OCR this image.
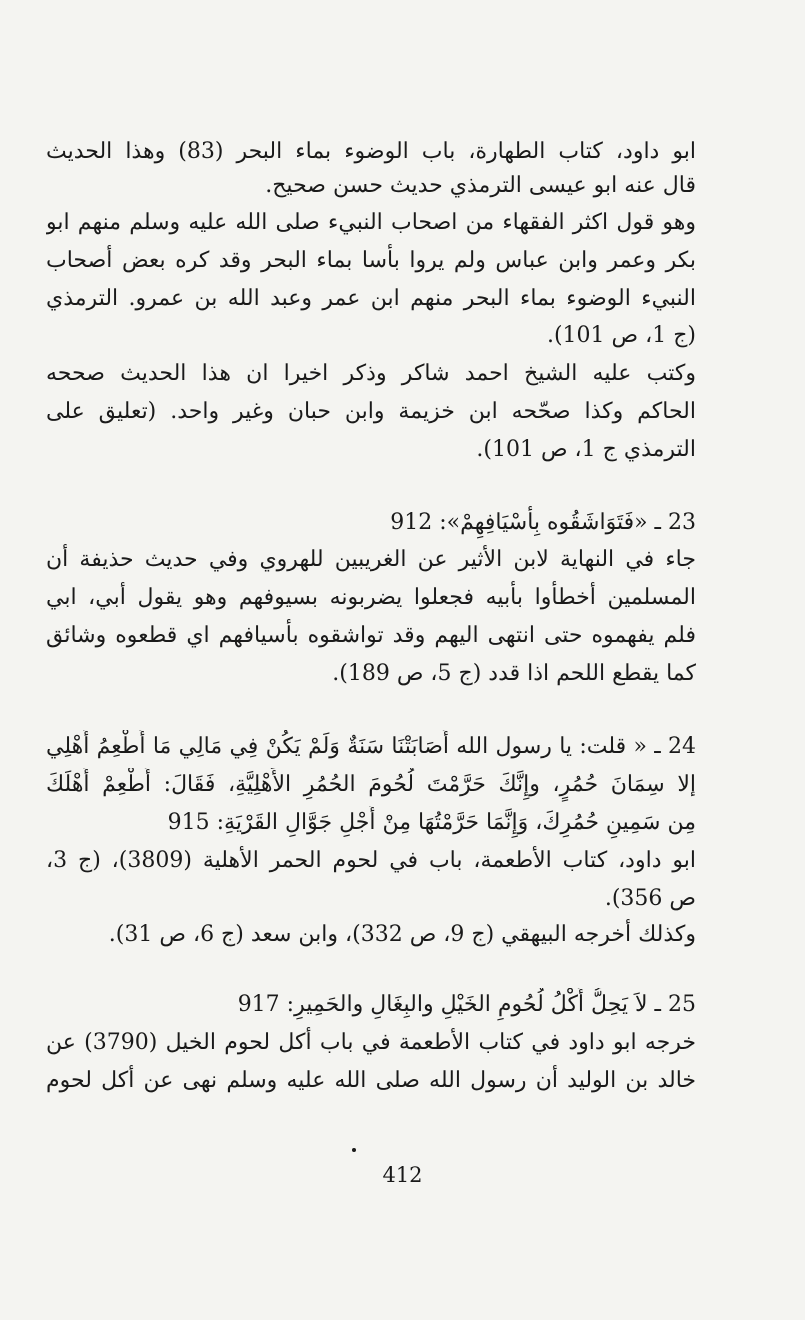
ابو داود، كتاب الطهارة، باب الوضوء بماء البحر (83) وهذا الحديث
قال عنه ابو عيسى الترمذي حديث حسن صحيح.
وهو قول اكثر الفقهاء من اصحاب النبيء صلى الله عليه وسلم منهم ابو
بكر وعمر وابن عباس ولم يروا بأسا بماء البحر وقد كره بعض أصحاب
النبيء الوضوء بماء البحر منهم ابن عمر وعبد الله بن عمرو. الترمذي
(ج 1، ص 101).
وكتب عليه الشيخ احمد شاكر وذكر اخيرا ان هذا الحديث صححه
الحاكم وكذا صحّحه ابن خزيمة وابن حبان وغير واحد. (تعليق على
الترمذي ج 1، ص 101).
23 ـ «فَتَوَاشَقُوه بِأَسْيَافِهِمْ»: 912
جاء في النهاية لابن الأثير عن الغريبين للهروي وفي حديث حذيفة أن
المسلمين أخطأوا بأبيه فجعلوا يضربونه بسيوفهم وهو يقول أبي، ابي
فلم يفهموه حتى انتهى اليهم وقد تواشقوه بأسيافهم اي قطعوه وشائق
كما يقطع اللحم اذا قدد (ج 5، ص 189).
24 ـ « قلت: يا رسول الله أَصَابَتْنَا سَنَةٌ وَلَمْ يَكُنْ فِي مَالِي مَا أُطْعِمُ أَهْلِي
إلا سِمَانَ حُمُرٍ، وإِنَّكَ حَرَّمْتَ لُحُومَ الحُمُرِ الأَهْلِيَّةِ، فَقَالَ: أَطْعِمْ أَهْلَكَ
مِن سَمِينِ حُمُرِكَ، وَإِنَّمَا حَرَّمْتُهَا مِنْ أَجْلِ جَوَّالِ القَرْيَةِ: 915
ابو داود، كتاب الأطعمة، باب في لحوم الحمر الأهلية (3809)، (ج 3،
ص 356).
وكذلك أخرجه البيهقي (ج 9، ص 332)، وابن سعد (ج 6، ص 31).
25 ـ لاَ يَحِلُّ أَكْلُ لُحُومِ الخَيْلِ والبِغَالِ والحَمِيرِ: 917
خرجه ابو داود في كتاب الأطعمة في باب أكل لحوم الخيل (3790) عن
خالد بن الوليد أن رسول الله صلى الله عليه وسلم نهى عن أكل لحوم
412
